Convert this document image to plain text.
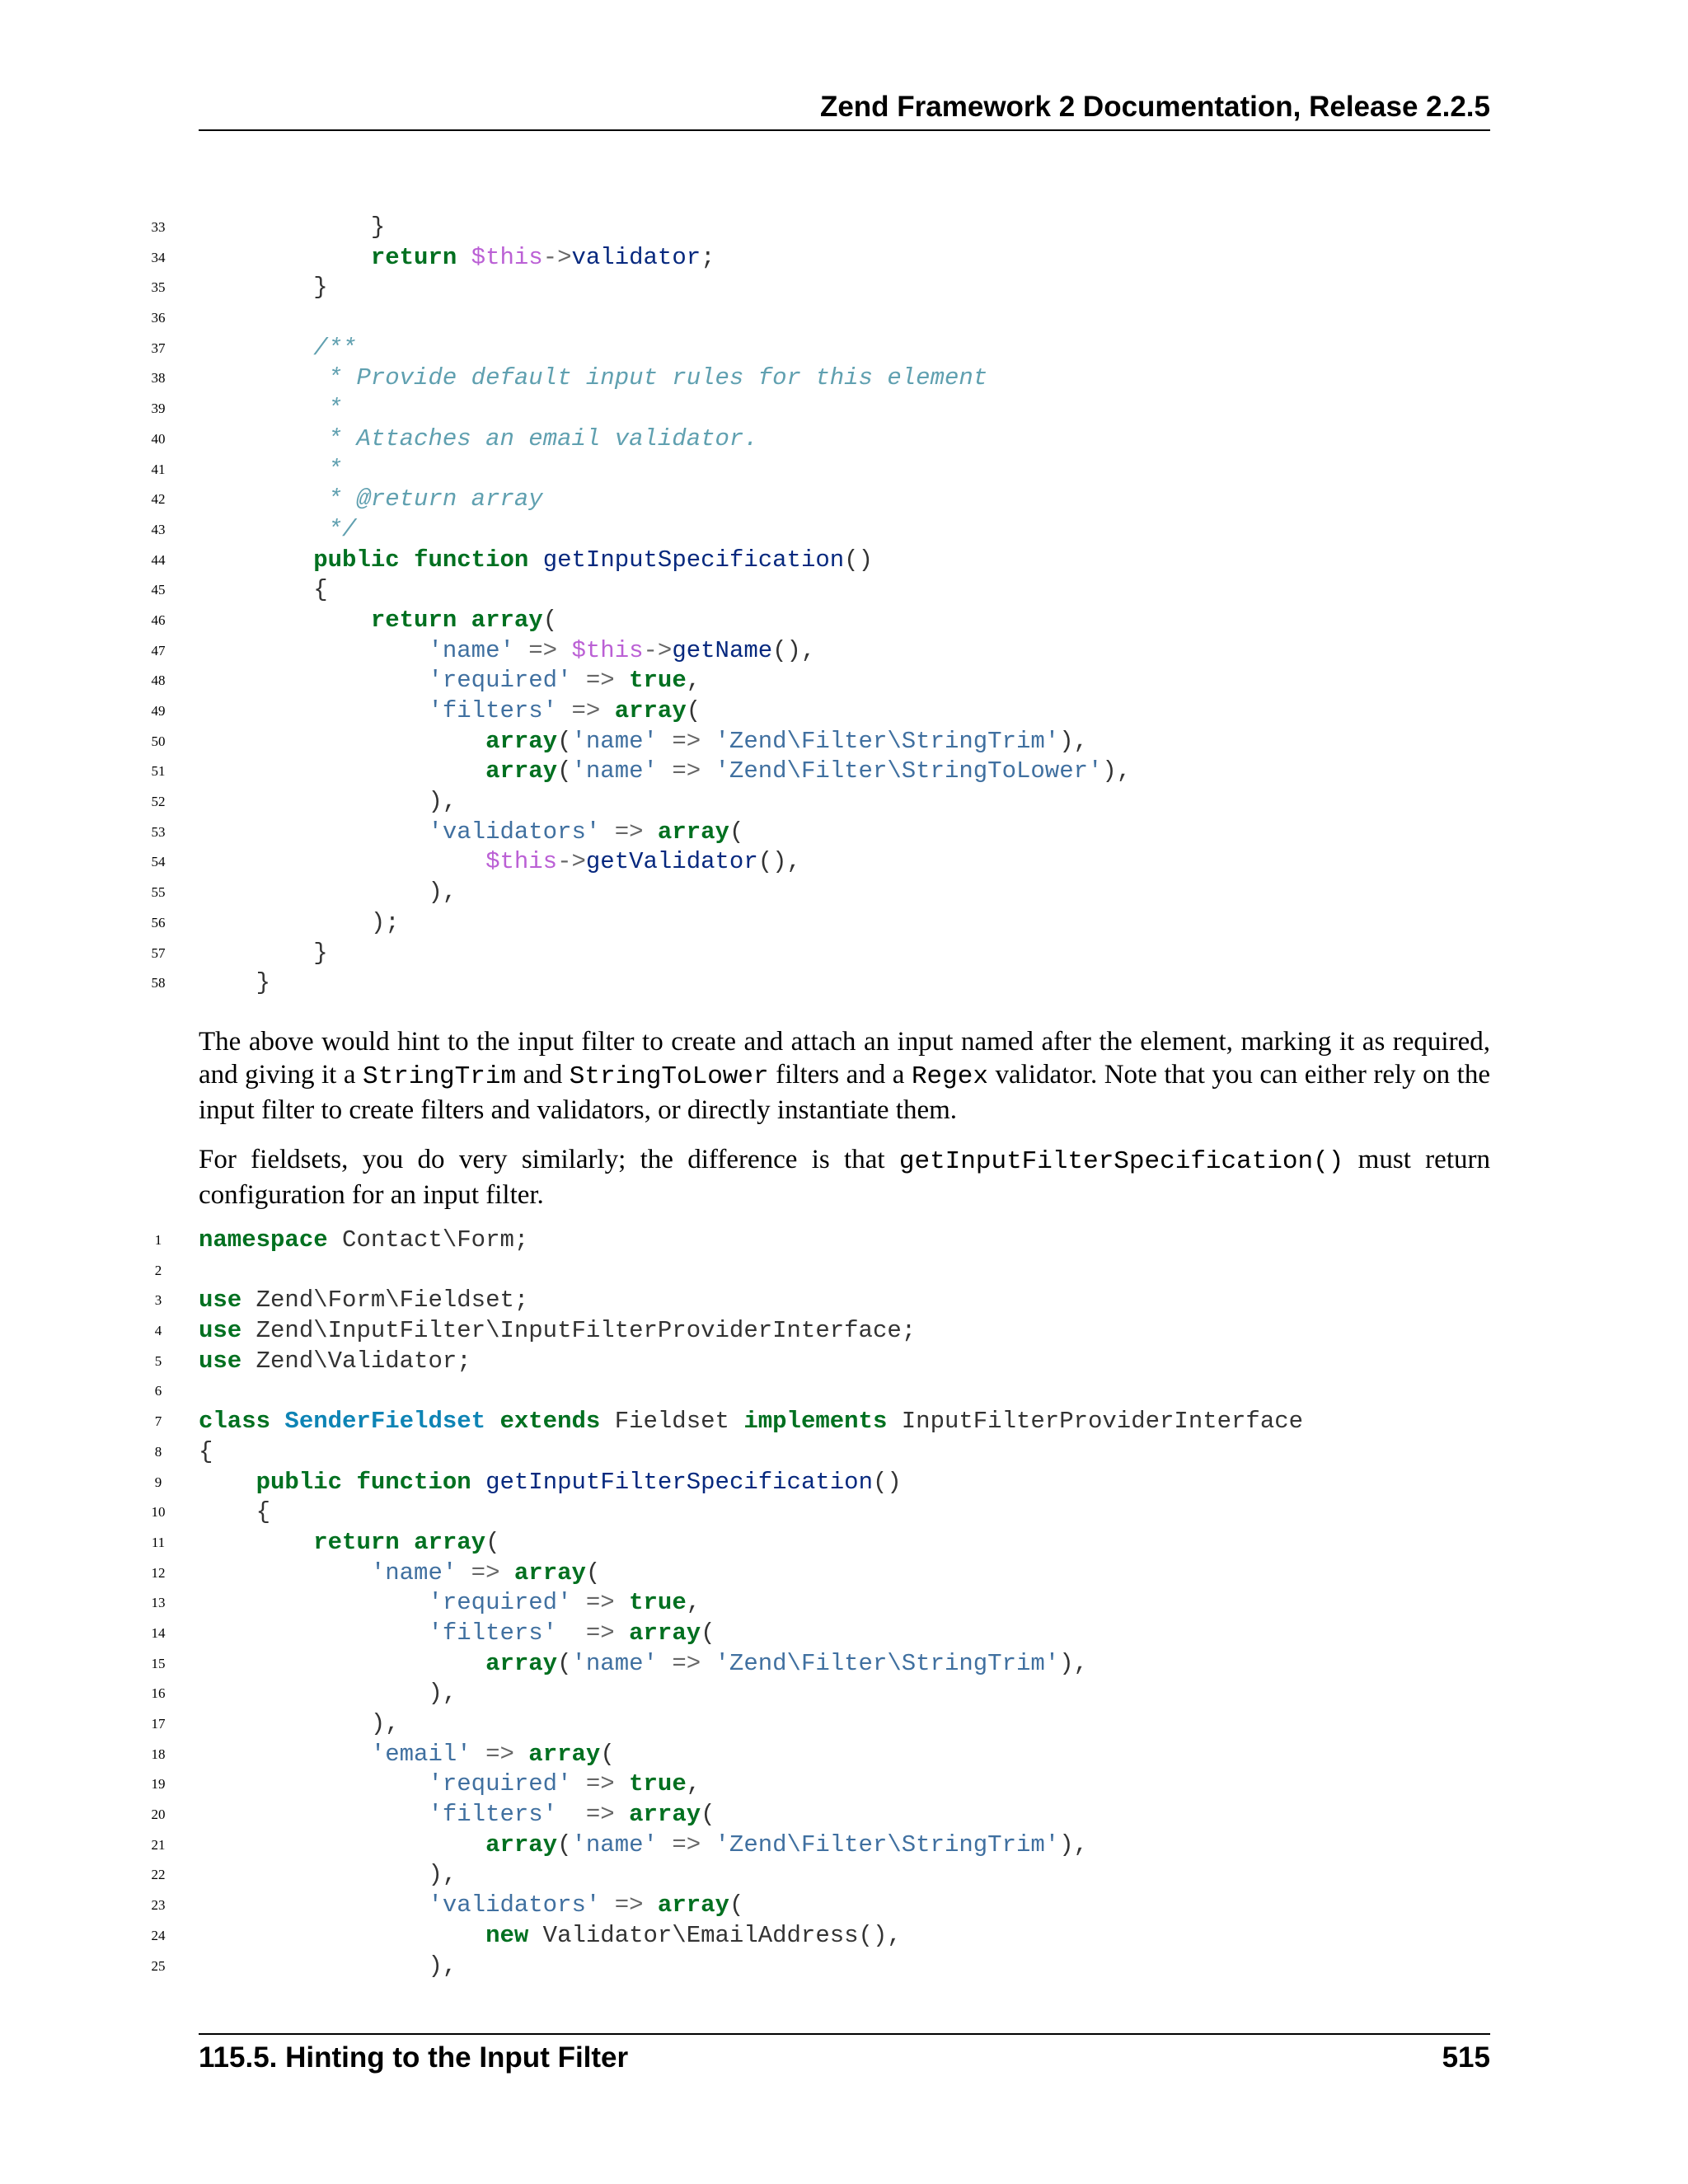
Zend Framework 2 Documentation, Release 2.2.5
33 }
34	return $this->validator;
35 }
36
37	/**
38	* Provide default input rules for this element
39	*
40	* Attaches an email validator.
41	*
42	* @return array
43	*/
44	public function getInputSpecification()
45 {
46	return array(
47	'name' => $this->getName(),
48	'required' => true,
49	'filters' => array(
50	array('name' => 'Zend\Filter\StringTrim'),
51	array('name' => 'Zend\Filter\StringToLower'),
52 ),
53	'validators' => array(
54	$this->getValidator(),
55 ),
56 );
57 }
58 }

The above would hint to the input filter to create and attach an input named after the element, marking it as required, and giving it a StringTrim and StringToLower filters and a Regex validator. Note that you can either rely on the input filter to create filters and validators, or directly instantiate them.

For fieldsets, you do very similarly; the difference is that getInputFilterSpecification() must return configuration for an input filter.

1 namespace Contact\Form;
2
3 use Zend\Form\Fieldset;
4 use Zend\InputFilter\InputFilterProviderInterface;
5 use Zend\Validator;
6
7 class SenderFieldset extends Fieldset implements InputFilterProviderInterface
8 {
9	public function getInputFilterSpecification()
10 {
11	return array(
12	'name' => array(
13	'required' => true,
14	'filters' => array(
15	array('name' => 'Zend\Filter\StringTrim'),
16 ),
17 ),
18	'email' => array(
19	'required' => true,
20	'filters' => array(
21	array('name' => 'Zend\Filter\StringTrim'),
22 ),
23	'validators' => array(
24	new Validator\EmailAddress(),
25 ),
115.5. Hinting to the Input Filter	515
